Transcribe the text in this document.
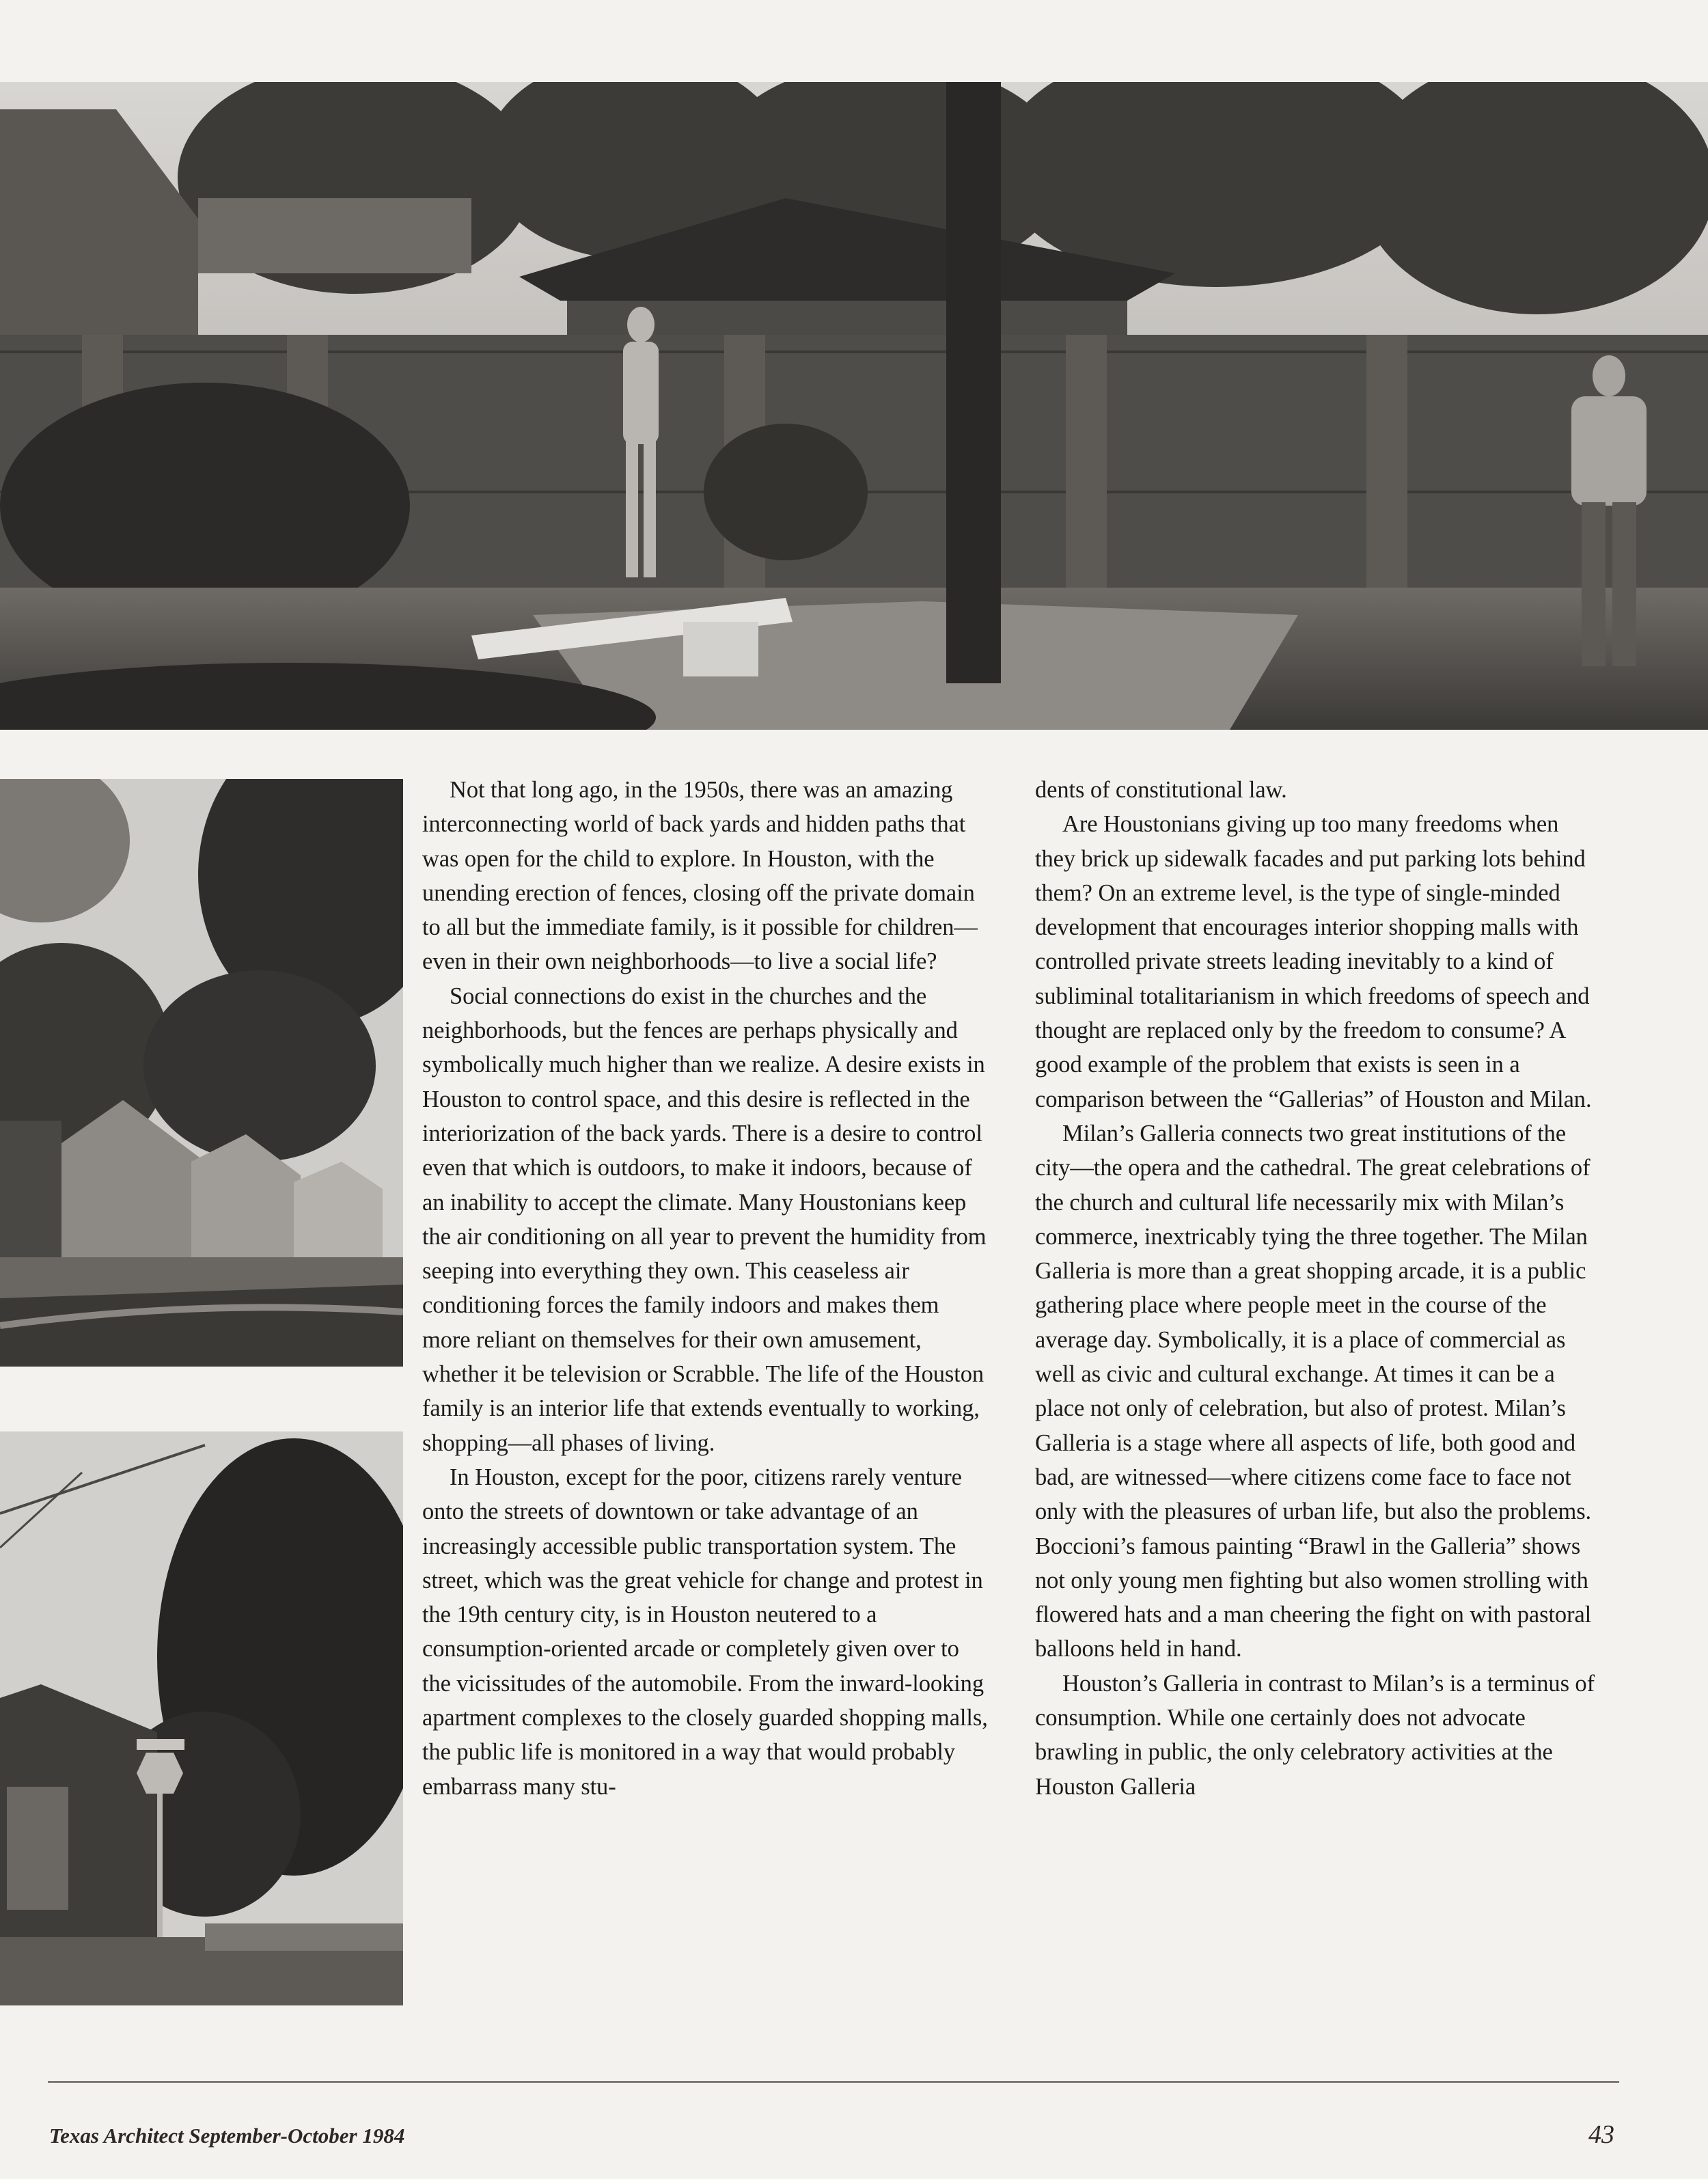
Not that long ago, in the 1950s, there was an amazing interconnecting world of back yards and hidden paths that was open for the child to explore. In Houston, with the unending erection of fences, closing off the private domain to all but the immediate family, is it possible for children—even in their own neighborhoods—to live a social life?

Social connections do exist in the churches and the neighborhoods, but the fences are perhaps physically and symbolically much higher than we realize. A desire exists in Houston to control space, and this desire is reflected in the interiorization of the back yards. There is a desire to control even that which is outdoors, to make it indoors, because of an inability to accept the climate. Many Houstonians keep the air conditioning on all year to prevent the humidity from seeping into everything they own. This ceaseless air conditioning forces the family indoors and makes them more reliant on themselves for their own amusement, whether it be television or Scrabble. The life of the Houston family is an interior life that extends eventually to working, shopping—all phases of living.

In Houston, except for the poor, citizens rarely venture onto the streets of downtown or take advantage of an increasingly accessible public transportation system. The street, which was the great vehicle for change and protest in the 19th century city, is in Houston neutered to a consumption-oriented arcade or completely given over to the vicissitudes of the automobile. From the inward-looking apartment complexes to the closely guarded shopping malls, the public life is monitored in a way that would probably embarrass many stu-

dents of constitutional law.

Are Houstonians giving up too many freedoms when they brick up sidewalk facades and put parking lots behind them? On an extreme level, is the type of single-minded development that encourages interior shopping malls with controlled private streets leading inevitably to a kind of subliminal totalitarianism in which freedoms of speech and thought are replaced only by the freedom to consume? A good example of the problem that exists is seen in a comparison between the “Gallerias” of Houston and Milan.

Milan’s Galleria connects two great institutions of the city—the opera and the cathedral. The great celebrations of the church and cultural life necessarily mix with Milan’s commerce, inextricably tying the three together. The Milan Galleria is more than a great shopping arcade, it is a public gathering place where people meet in the course of the average day. Symbolically, it is a place of commercial as well as civic and cultural exchange. At times it can be a place not only of celebration, but also of protest. Milan’s Galleria is a stage where all aspects of life, both good and bad, are witnessed—where citizens come face to face not only with the pleasures of urban life, but also the problems. Boccioni’s famous painting “Brawl in the Galleria” shows not only young men fighting but also women strolling with flowered hats and a man cheering the fight on with pastoral balloons held in hand.

Houston’s Galleria in contrast to Milan’s is a terminus of consumption. While one certainly does not advocate brawling in public, the only celebratory activities at the Houston Galleria

Texas Architect September-October 1984	43
